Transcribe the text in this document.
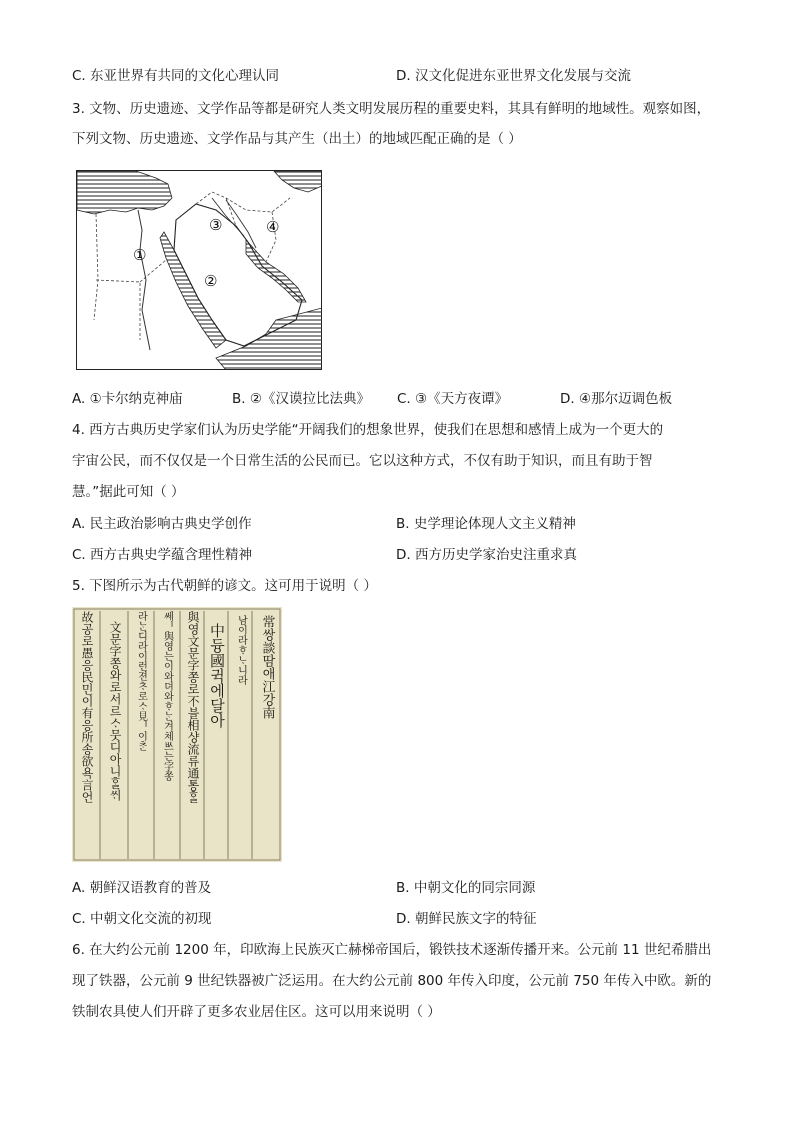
C. 东亚世界有共同的文化心理认同	D. 汉文化促进东亚世界文化发展与交流
3. 文物、历史遗迹、文学作品等都是研究人类文明发展历程的重要史料，其具有鲜明的地域性。观察如图，
下列文物、历史遗迹、文学作品与其产生（出土）的地域匹配正确的是（ ）
①
②
③	④
A. ①卡尔纳克神庙	B. ②《汉谟拉比法典》 C. ③《天方夜谭》	D. ④那尔迈调色板
4. 西方古典历史学家们认为历史学能“开阔我们的想象世界，使我们在思想和感情上成为一个更大的
宇宙公民，而不仅仅是一个日常生活的公民而已。它以这种方式，不仅有助于知识，而且有助于智
慧。”据此可知（ ）
A. 民主政治影响古典史学创作	B. 史学理论体现人文主义精神
C. 西方古典史学蕴含理性精神	D. 西方历史学家治史注重求真
5. 下图所示为古代朝鲜的谚文。这可用于说明（ ）
常쌍談땀애江강南
남이라ᄒᆞᄂᆞ니라
中듕國귁에달아
與영文문字쫑로不블相샹流류通통ᄒᆞᆯ
쎄ᅵ與영는이와뎌와ᄒᆞᄂᆞᆫ겨체ᄡᅳ는字쫑
라ᄂᆞᆫ디라이런젼ᄎᆞ로ᄉᆞ見ᅵ이ᄎᆞᆫ
文문字쫑와로서르ᄉᆞ뭇디아니ᄒᆞᆯᄊᆡ
故공로愚응民민이有응所송欲욕言언
A. 朝鲜汉语教育的普及	B. 中朝文化的同宗同源
C. 中朝文化交流的初现	D. 朝鲜民族文字的特征
6. 在大约公元前 1200 年，印欧海上民族灭亡赫梯帝国后，锻铁技术逐渐传播开来。公元前 11 世纪希腊出
现了铁器，公元前 9 世纪铁器被广泛运用。在大约公元前 800 年传入印度，公元前 750 年传入中欧。新的
铁制农具使人们开辟了更多农业居住区。这可以用来说明（ ）
